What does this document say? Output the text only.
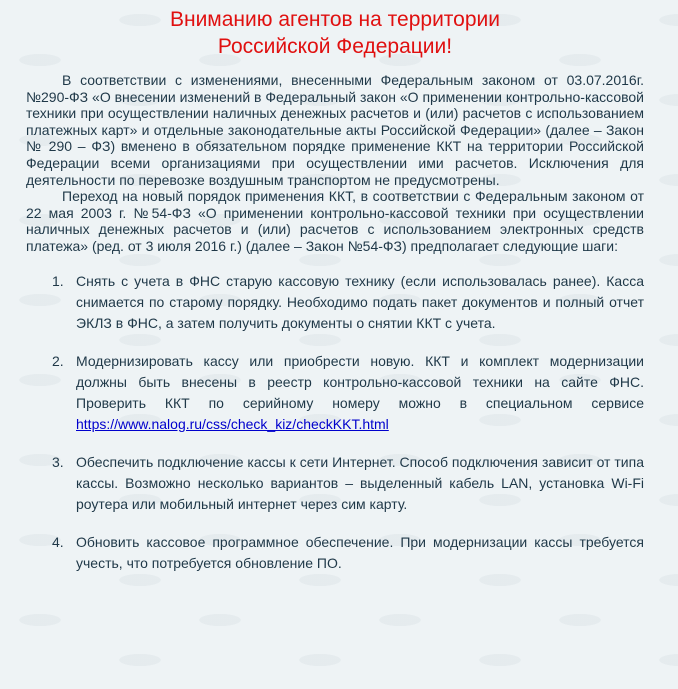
Вниманию агентов на территории
Российской Федерации!

В соответствии с изменениями, внесенными Федеральным законом от 03.07.2016г. №290-ФЗ «О внесении изменений в Федеральный закон «О применении контрольно-кассовой техники при осуществлении наличных денежных расчетов и (или) расчетов с использованием платежных карт» и отдельные законодательные акты Российской Федерации» (далее – Закон № 290 – ФЗ) вменено в обязательном порядке применение ККТ на территории Российской Федерации всеми организациями при осуществлении ими расчетов. Исключения для деятельности по перевозке воздушным транспортом не предусмотрены.

Переход на новый порядок применения ККТ, в соответствии с Федеральным законом от 22 мая 2003 г. №54-ФЗ «О применении контрольно-кассовой техники при осуществлении наличных денежных расчетов и (или) расчетов с использованием электронных средств платежа» (ред. от 3 июля 2016 г.) (далее – Закон №54-ФЗ) предполагает следующие шаги:

1. Снять с учета в ФНС старую кассовую технику (если использовалась ранее). Касса снимается по старому порядку. Необходимо подать пакет документов и полный отчет ЭКЛЗ в ФНС, а затем получить документы о снятии ККТ с учета.
2. Модернизировать кассу или приобрести новую. ККТ и комплект модернизации должны быть внесены в реестр контрольно-кассовой техники на сайте ФНС. Проверить ККТ по серийному номеру можно в специальном сервисе https://www.nalog.ru/css/check_kiz/checkKKT.html
3. Обеспечить подключение кассы к сети Интернет. Способ подключения зависит от типа кассы. Возможно несколько вариантов – выделенный кабель LAN, установка Wi-Fi роутера или мобильный интернет через сим карту.
4. Обновить кассовое программное обеспечение. При модернизации кассы требуется учесть, что потребуется обновление ПО.
